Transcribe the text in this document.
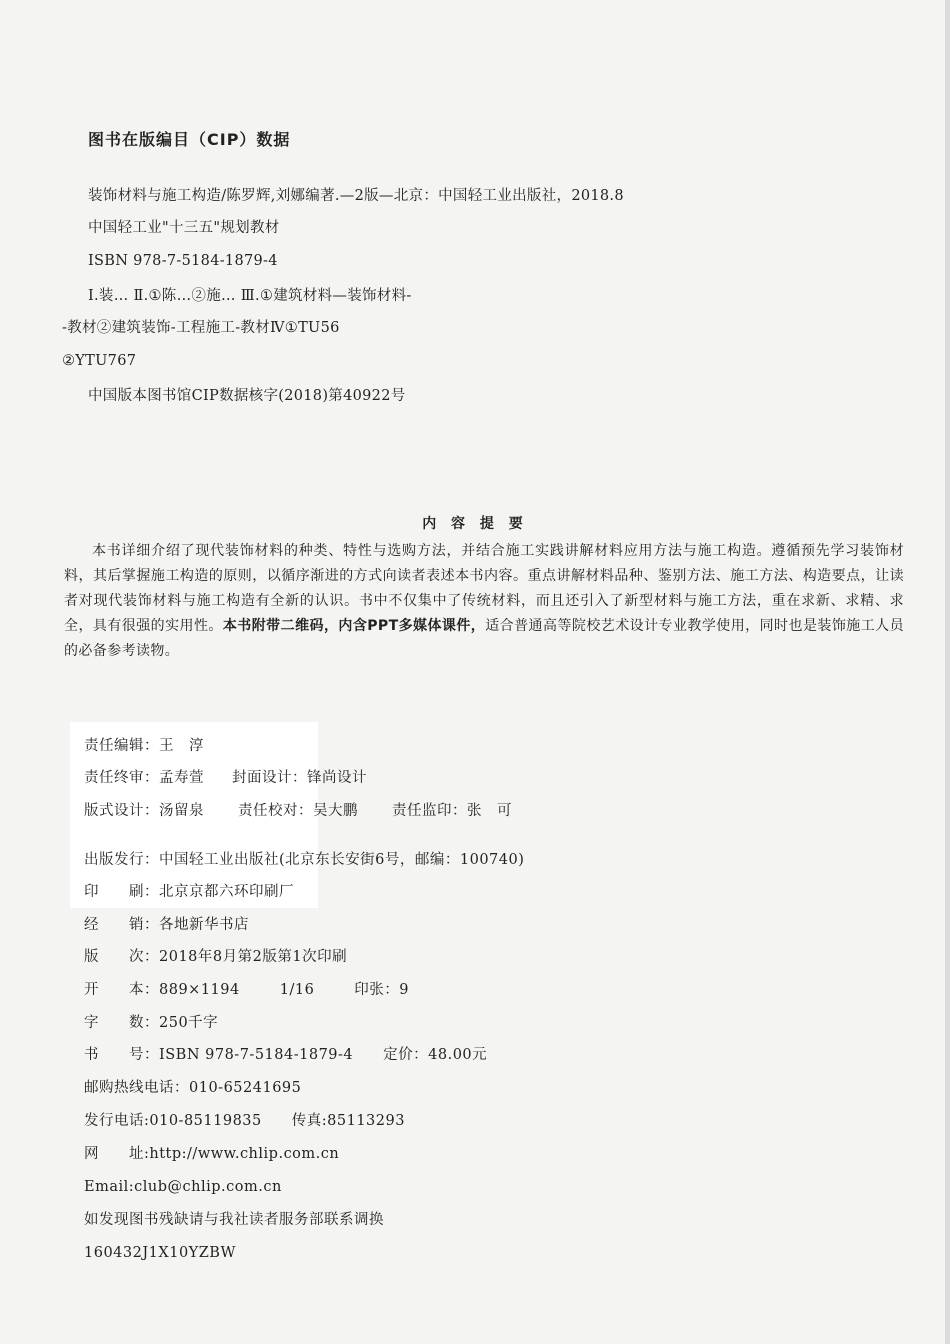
图书在版编目（CIP）数据
装饰材料与施工构造/陈罗辉,刘娜编著.—2版—北京：中国轻工业出版社，2018.8
中国轻工业"十三五"规划教材
ISBN 978-7-5184-1879-4
Ⅰ.装… Ⅱ.①陈…②施… Ⅲ.①建筑材料—装饰材料-
-教材②建筑装饰-工程施工-教材Ⅳ①TU56
②YTU767
中国版本图书馆CIP数据核字(2018)第40922号
内 容 提 要
本书详细介绍了现代装饰材料的种类、特性与选购方法，并结合施工实践讲解材料应用方法与施工构造。遵循预先学习装饰材料，其后掌握施工构造的原则，以循序渐进的方式向读者表述本书内容。重点讲解材料品种、鉴别方法、施工方法、构造要点，让读者对现代装饰材料与施工构造有全新的认识。书中不仅集中了传统材料，而且还引入了新型材料与施工方法，重在求新、求精、求全，具有很强的实用性。本书附带二维码，内含PPT多媒体课件，适合普通高等院校艺术设计专业教学使用，同时也是装饰施工人员的必备参考读物。
责任编辑：王　淳
责任终审：孟寿萱 封面设计：锋尚设计
版式设计：汤留泉 责任校对：吴大鹏 责任监印：张　可
出版发行：中国轻工业出版社(北京东长安街6号，邮编：100740)
印　　刷：北京京都六环印刷厂
经　　销：各地新华书店
版　　次：2018年8月第2版第1次印刷
开　　本：889×1194	1/16	印张：9
字　　数：250千字
书　　号：ISBN 978-7-5184-1879-4 定价：48.00元
邮购热线电话：010-65241695
发行电话:010-85119835 传真:85113293
网　　址:http://www.chlip.com.cn
Email:club@chlip.com.cn
如发现图书残缺请与我社读者服务部联系调换
160432J1X10YZBW
